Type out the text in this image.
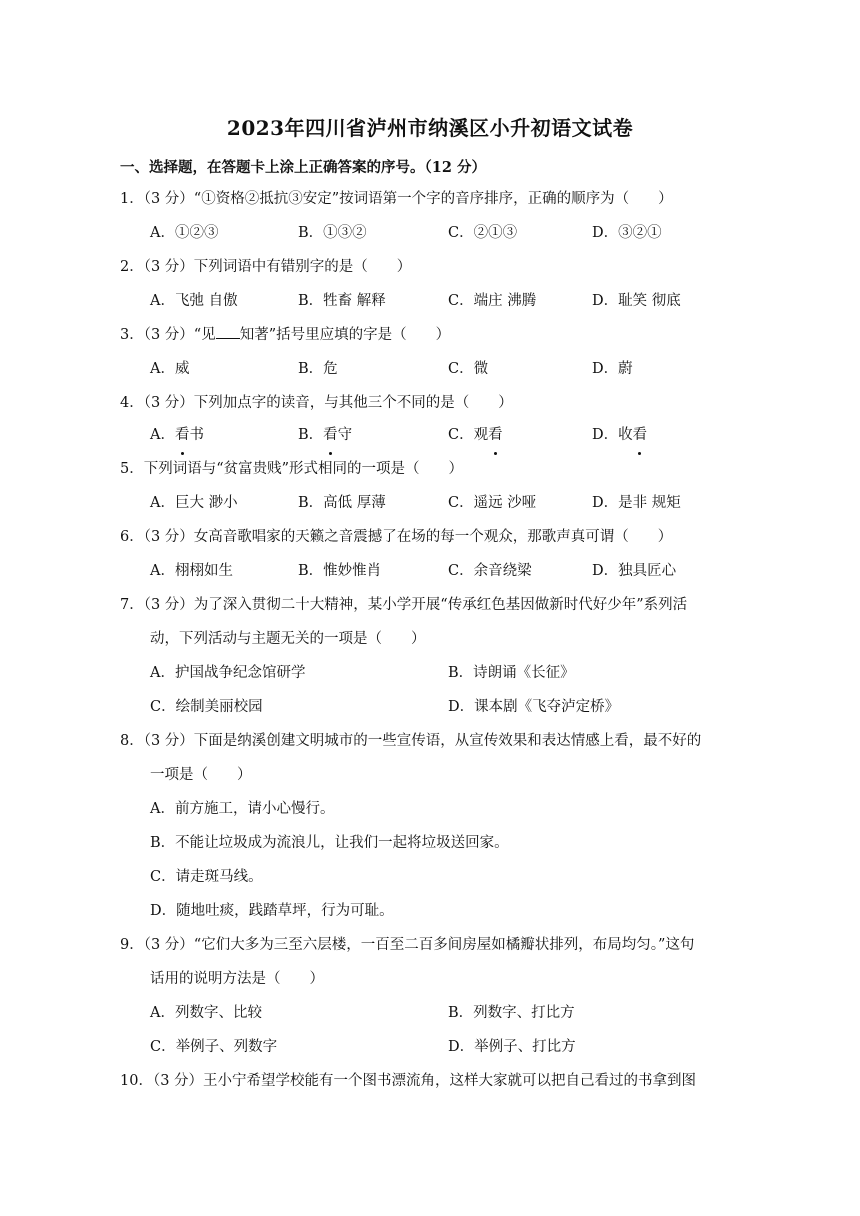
2023年四川省泸州市纳溪区小升初语文试卷
一、选择题，在答题卡上涂上正确答案的序号。（12 分）
1．（3 分）“①资格②抵抗③安定”按词语第一个字的音序排序，正确的顺序为（　　）
A．①②③	B．①③②	C．②①③	D．③②①
2．（3 分）下列词语中有错别字的是（　　）
A．飞弛 自傲	B．牲畜 解释	C．端庄 沸腾	D．耻笑 彻底
3．（3 分）“见 知著”括号里应填的字是（　　）
A．威	B．危	C．微	D．蔚
4．（3 分）下列加点字的读音，与其他三个不同的是（　　）
A．看书	B．看守	C．观看	D．收看
5．下列词语与“贫富贵贱”形式相同的一项是（　　）
A．巨大 渺小	B．高低 厚薄	C．遥远 沙哑	D．是非 规矩
6．（3 分）女高音歌唱家的天籁之音震撼了在场的每一个观众，那歌声真可谓（　　）
A．栩栩如生	B．惟妙惟肖	C．余音绕梁	D．独具匠心
7．（3 分）为了深入贯彻二十大精神，某小学开展“传承红色基因做新时代好少年”系列活
动，下列活动与主题无关的一项是（　　）
A．护国战争纪念馆研学	B．诗朗诵《长征》
C．绘制美丽校园	D．课本剧《飞夺泸定桥》
8．（3 分）下面是纳溪创建文明城市的一些宣传语，从宣传效果和表达情感上看，最不好的
一项是（　　）
A．前方施工，请小心慢行。
B．不能让垃圾成为流浪儿，让我们一起将垃圾送回家。
C．请走斑马线。
D．随地吐痰，践踏草坪，行为可耻。
9．（3 分）“它们大多为三至六层楼，一百至二百多间房屋如橘瓣状排列，布局均匀。”这句
话用的说明方法是（　　）
A．列数字、比较	B．列数字、打比方
C．举例子、列数字	D．举例子、打比方
10．（3 分）王小宁希望学校能有一个图书漂流角，这样大家就可以把自己看过的书拿到图
